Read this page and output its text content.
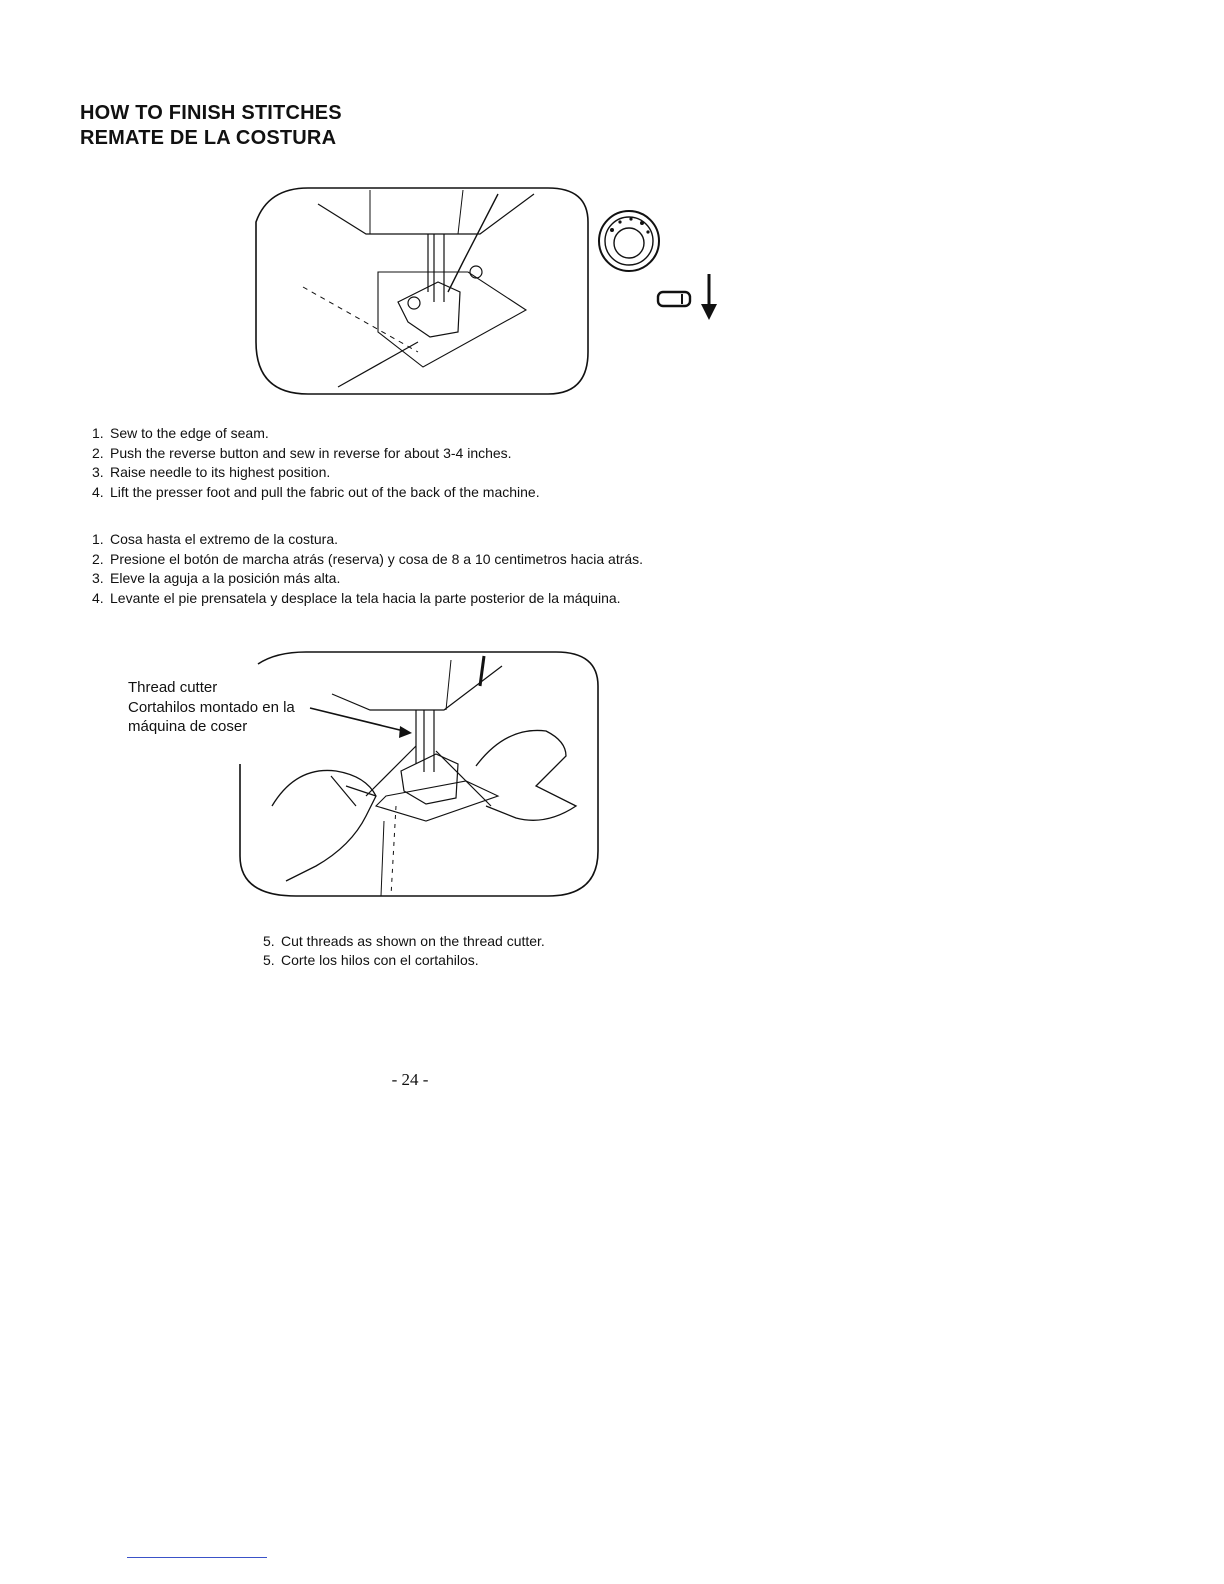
HOW TO FINISH STITCHES
REMATE DE LA COSTURA
1. Sew to the edge of seam.
2. Push the reverse button and sew in reverse for about 3-4 inches.
3. Raise needle to its highest position.
4. Lift the presser foot and pull the fabric out of the back of the machine.
1. Cosa hasta el extremo de la costura.
2. Presione el botón de marcha atrás (reserva) y cosa de 8 a 10 centimetros hacia atrás.
3. Eleve la aguja a la posición más alta.
4. Levante el pie prensatela y desplace la tela hacia la parte posterior de la máquina.
Thread cutter
Cortahilos montado en la
máquina de coser
5. Cut threads as shown on the thread cutter.
5. Corte los hilos con el cortahilos.
- 24 -
